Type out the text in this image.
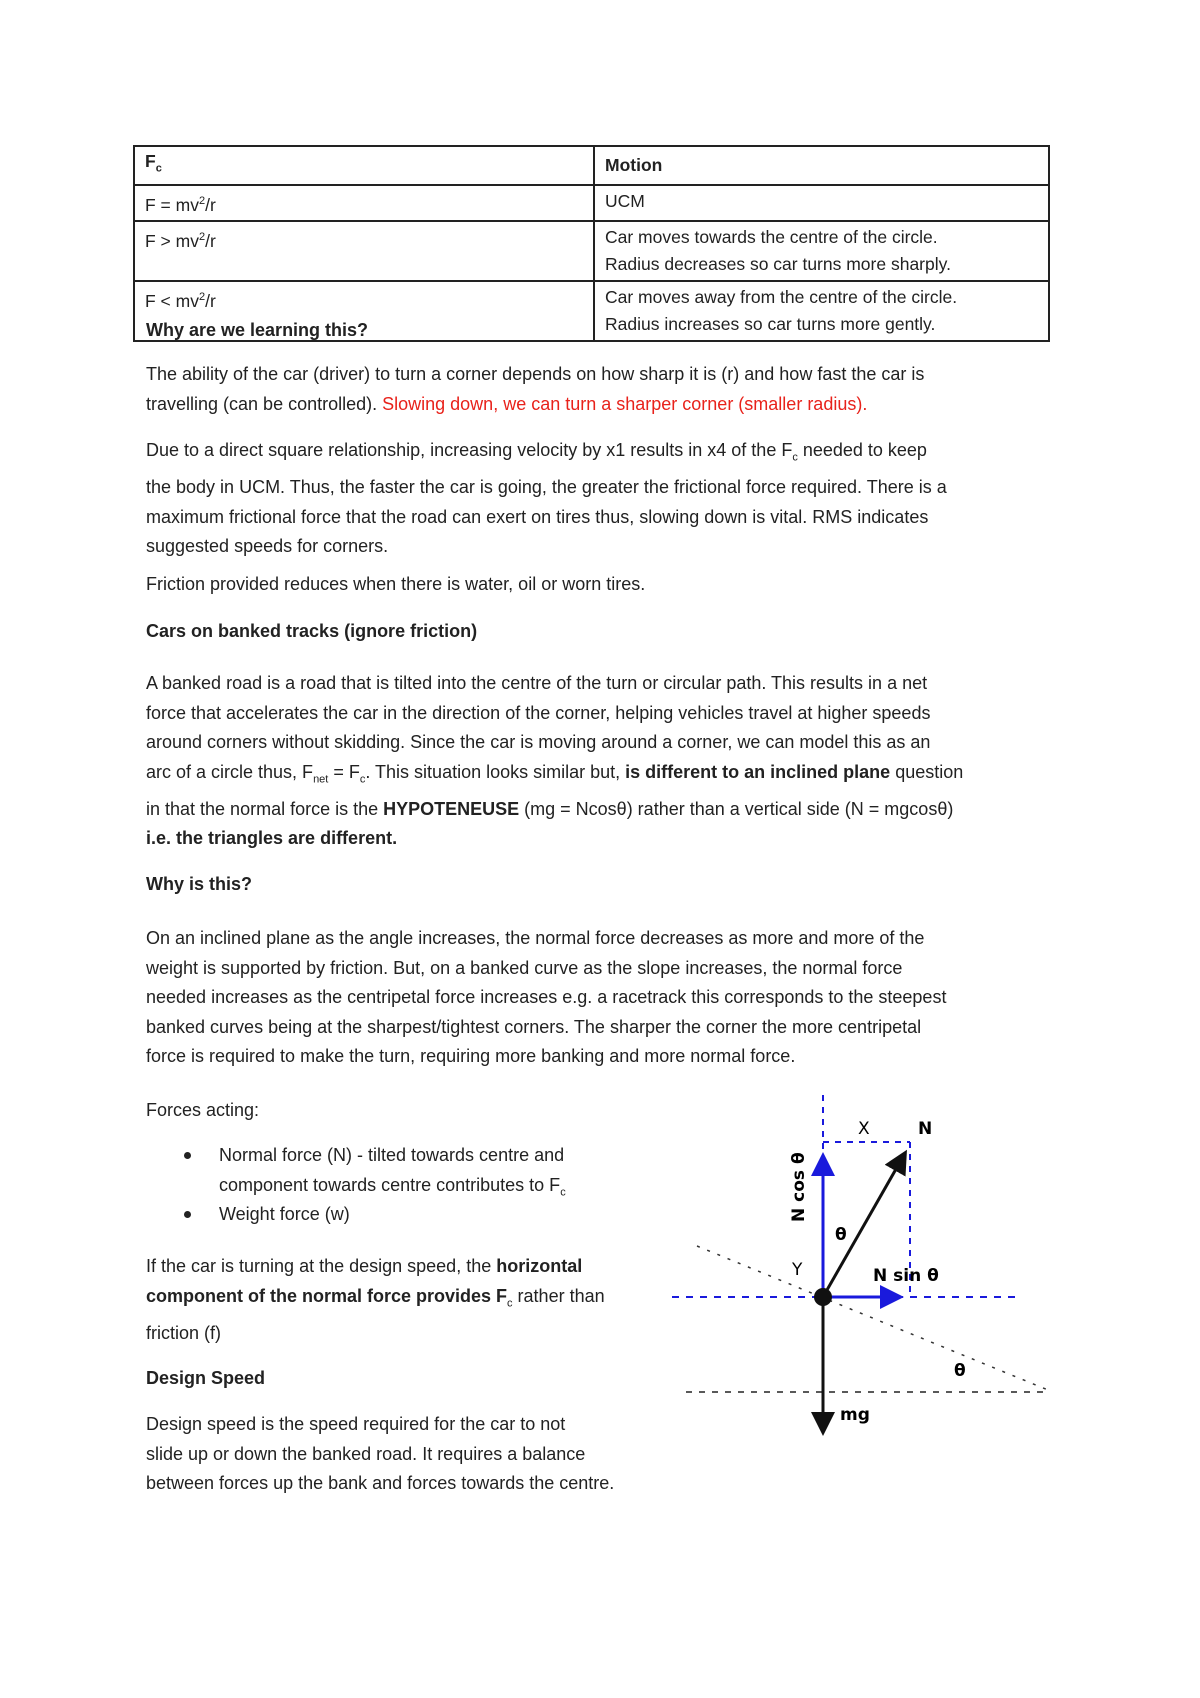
$F_c$	Motion
$F = mv^2/r$	UCM

$F > mv^2/r$	Car moves towards the centre of the circle.
Radius decreases so car turns more sharply.

$F < mv^2/r$	Car moves away from the centre of the circle.
Radius increases so car turns more gently.
Why are we learning this?
The ability of the car (driver) to turn a corner depends on how sharp it is (r) and how fast the car is
travelling (can be controlled). Slowing down, we can turn a sharper corner (smaller radius).
Due to a direct square relationship, increasing velocity by x1 results in x4 of the $F_c$ needed to keep
the body in UCM. Thus, the faster the car is going, the greater the frictional force required. There is a
maximum frictional force that the road can exert on tires thus, slowing down is vital. RMS indicates
suggested speeds for corners.
Friction provided reduces when there is water, oil or worn tires.
Cars on banked tracks (ignore friction)
A banked road is a road that is tilted into the centre of the turn or circular path. This results in a net
force that accelerates the car in the direction of the corner, helping vehicles travel at higher speeds
around corners without skidding. Since the car is moving around a corner, we can model this as an
arc of a circle thus, $F_{net} = F_c$. This situation looks similar but, is different to an inclined plane question
in that the normal force is the HYPOTENEUSE (mg = Ncosθ) rather than a vertical side (N = mgcosθ)
i.e. the triangles are different.
Why is this?
On an inclined plane as the angle increases, the normal force decreases as more and more of the
weight is supported by friction. But, on a banked curve as the slope increases, the normal force
needed increases as the centripetal force increases e.g. a racetrack this corresponds to the steepest
banked curves being at the sharpest/tightest corners. The sharper the corner the more centripetal
force is required to make the turn, requiring more banking and more normal force.
Forces acting:
If the car is turning at the design speed, the horizontal
component of the normal force provides $F_c$ rather than
friction (f)
Design Speed
Design speed is the speed required for the car to not
slide up or down the banked road. It requires a balance
between forces up the bank and forces towards the centre.
Normal force (N) - tilted towards centre and
component towards centre contributes to $F_c$
Weight force (w)
X	N
N cos θ
θ
Y	N sin θ
θ
mg
